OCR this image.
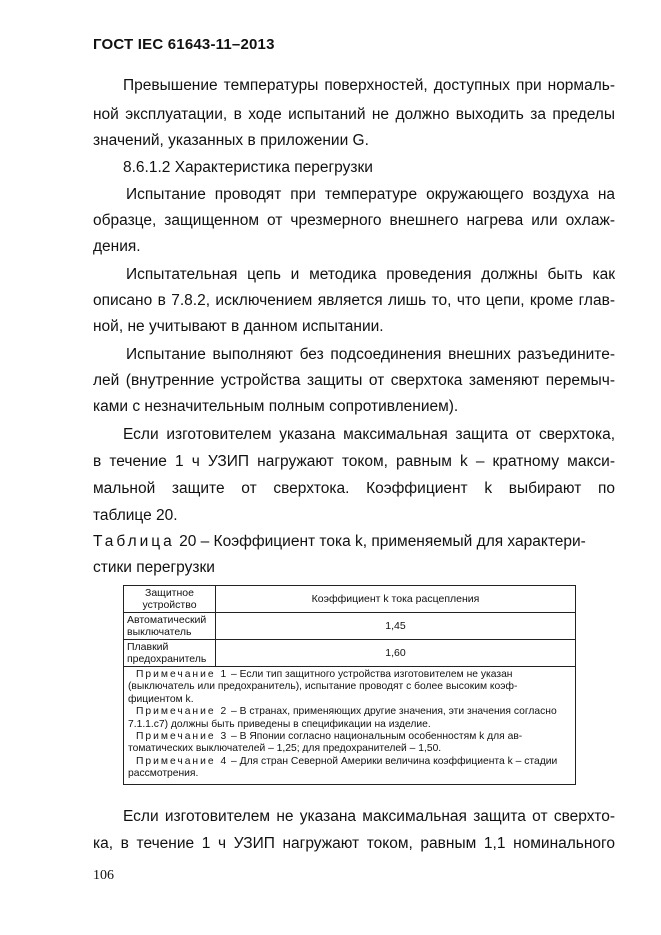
ГОСТ IEC 61643-11–2013
Превышение температуры поверхностей, доступных при нормаль-
ной эксплуатации, в ходе испытаний не должно выходить за пределы
значений, указанных в приложении G.
8.6.1.2 Характеристика перегрузки
Испытание проводят при температуре окружающего воздуха на
образце, защищенном от чрезмерного внешнего нагрева или охлаж-
дения.
Испытательная цепь и методика проведения должны быть как
описано в 7.8.2, исключением является лишь то, что цепи, кроме глав-
ной, не учитывают в данном испытании.
Испытание выполняют без подсоединения внешних разъедините-
лей (внутренние устройства защиты от сверхтока заменяют перемыч-
ками с незначительным полным сопротивлением).
Если изготовителем указана максимальная защита от сверхтока,
в течение 1 ч УЗИП нагружают током, равным k – кратному макси-
мальной защите от сверхтока. Коэффициент k выбирают по
таблице 20.
Таблица 20 – Коэффициент тока k, применяемый для характери-
стики перегрузки
Защитное устройство	Коэффициент k тока расцепления
Автоматический выключатель	1,45
Плавкий предохранитель	1,60

Примечание 1 – Если тип защитного устройства изготовителем не указан (выключатель или предохранитель), испытание проводят с более высоким коэф-фициентом k.
Примечание 2 – В странах, применяющих другие значения, эти значения согласно 7.1.1.c7) должны быть приведены в спецификации на изделие.
Примечание 3 – В Японии согласно национальным особенностям k для ав-томатических выключателей – 1,25; для предохранителей – 1,50.
Примечание 4 – Для стран Северной Америки величина коэффициента k – стадии рассмотрения.	
Если изготовителем не указана максимальная защита от сверхто-
ка, в течение 1 ч УЗИП нагружают током, равным 1,1 номинального
106
